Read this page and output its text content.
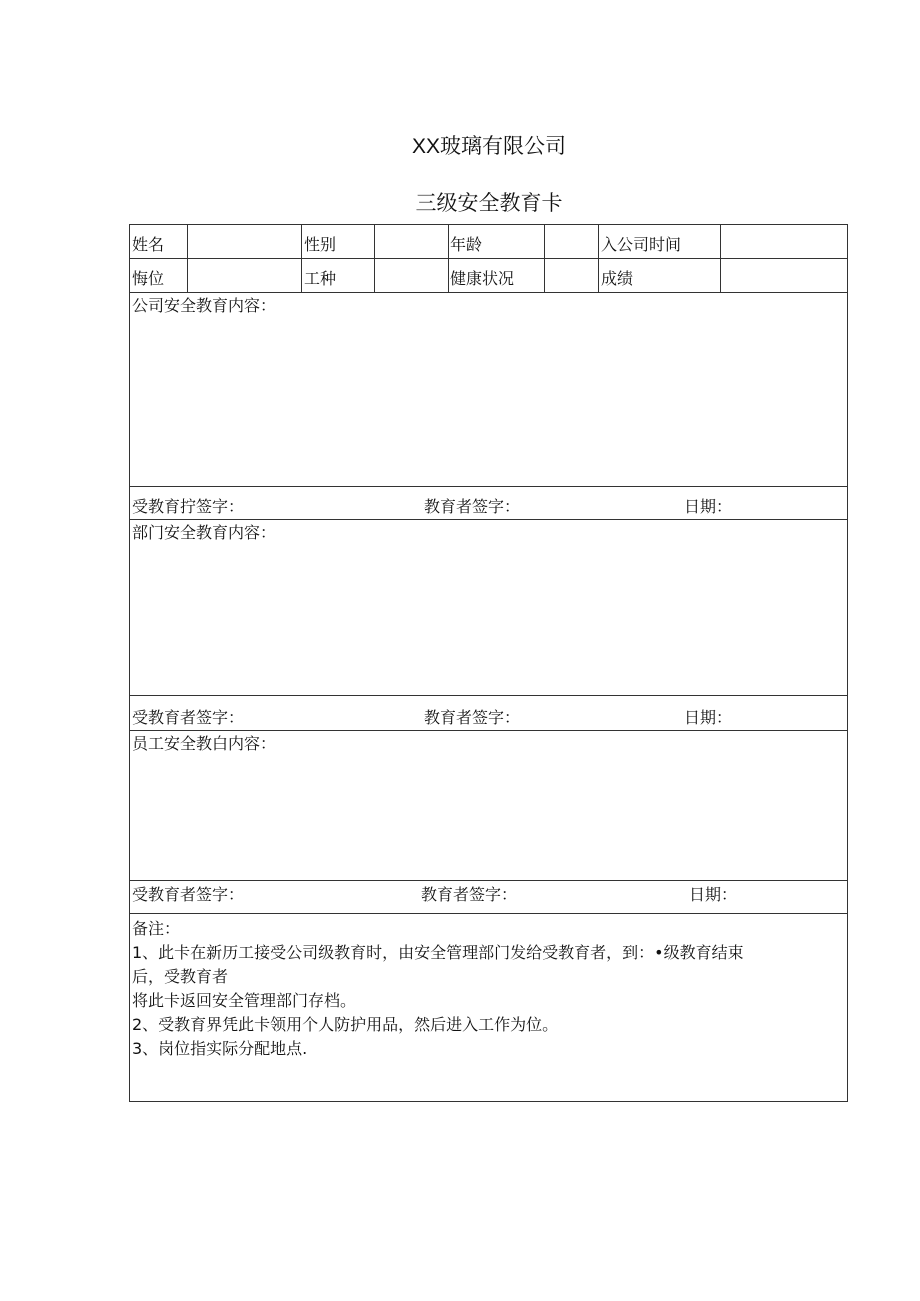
XX玻璃有限公司
三级安全教育卡
姓名	性别	年龄	入公司时间
悔位	工种	健康状况	成绩
公司安全教育内容：
受教育拧签字：	教育者签字：	日期：
部门安全教育内容：
受教育者签字：	教育者签字：	日期：
员工安全教白内容：
受教育者签字：	教育者签字：	日期：
备注：
1、此卡在新历工接受公司级教育时，由安全管理部门发给受教育者，到：•级教育结束
后，受教育者
将此卡返回安全管理部门存档。
2、受教育界凭此卡领用个人防护用品，然后进入工作为位。
3、岗位指实际分配地点.
